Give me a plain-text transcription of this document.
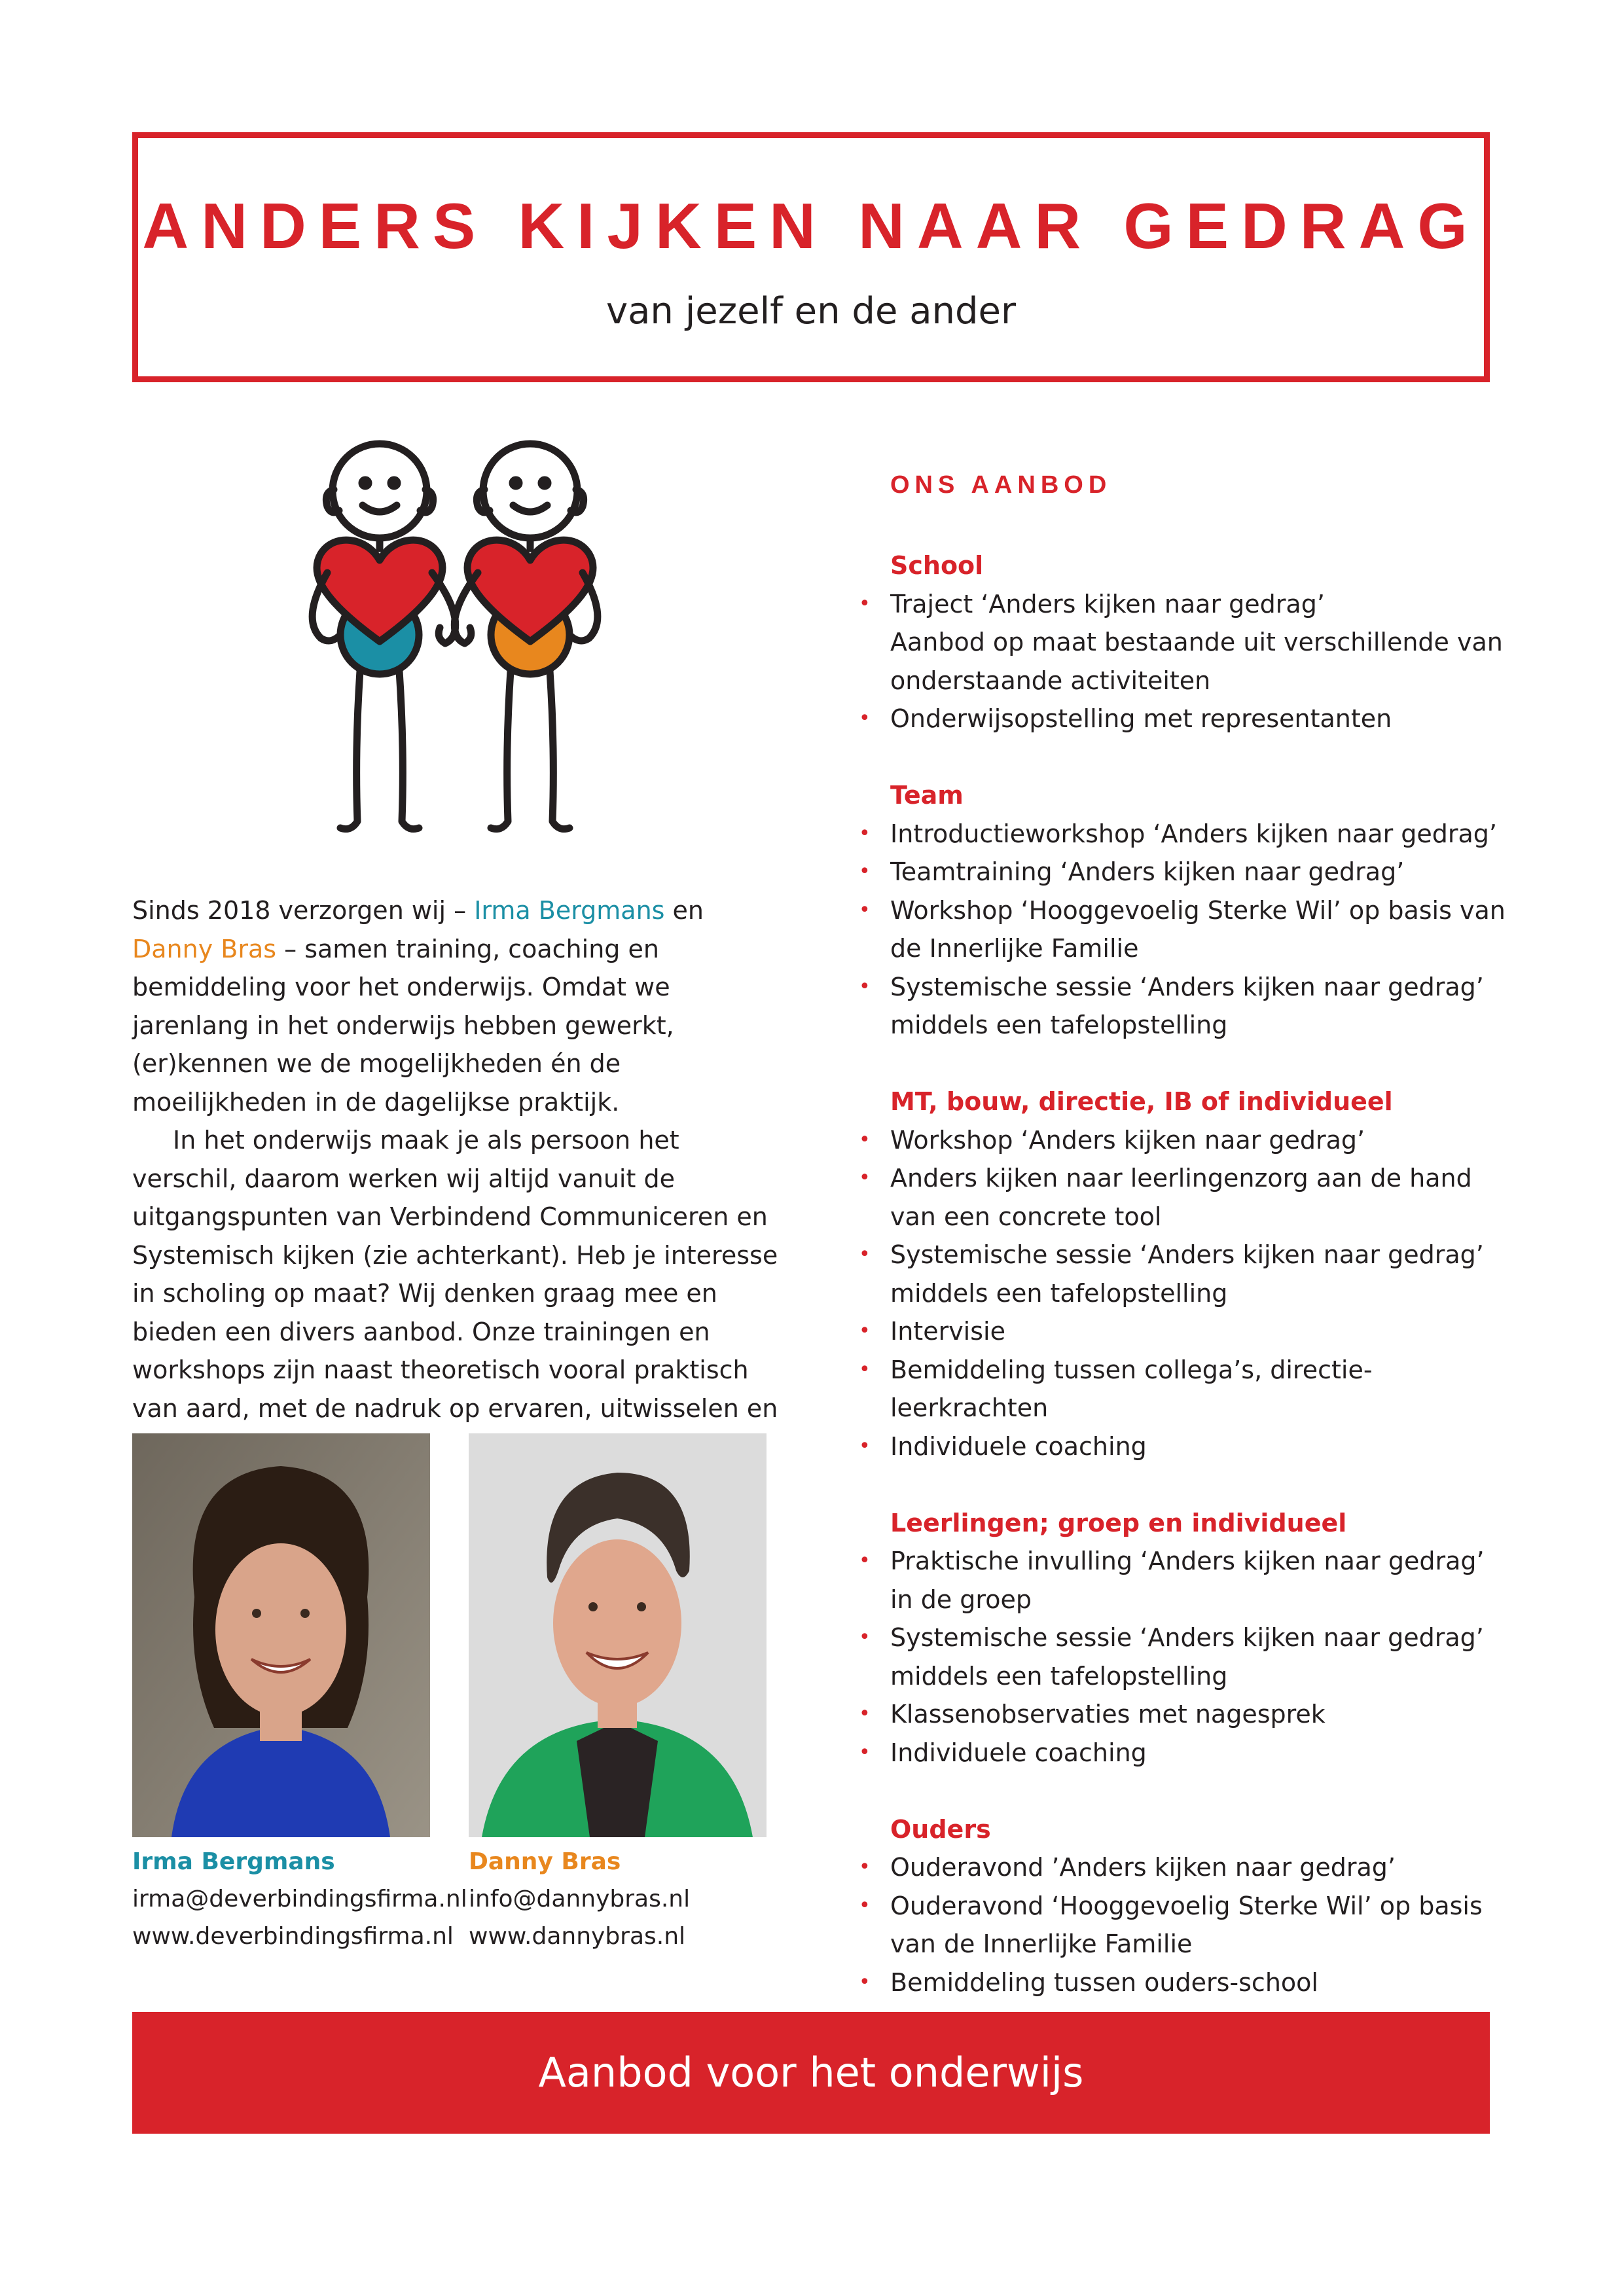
ANDERS KIJKEN NAAR GEDRAG
van jezelf en de ander

Sinds 2018 verzorgen wij – Irma Bergmans en Danny Bras – samen training, coaching en bemiddeling voor het onderwijs. Omdat we jarenlang in het onderwijs hebben gewerkt, (er)kennen we de mogelijkheden én de moeilijkheden in de dagelijkse praktijk.

In het onderwijs maak je als persoon het verschil, daarom werken wij altijd vanuit de uitgangspunten van Verbindend Communiceren en Systemisch kijken (zie achterkant). Heb je interesse in scholing op maat? Wij denken graag mee en bieden een divers aanbod. Onze trainingen en workshops zijn naast theoretisch vooral praktisch van aard, met de nadruk op ervaren, uitwisselen en

Irma Bergmans
irma@deverbindingsfirma.nl
www.deverbindingsfirma.nl
Danny Bras
info@dannybras.nl
www.dannybras.nl
ONS AANBOD
School
• Traject ‘Anders kijken naar gedrag’
Aanbod op maat bestaande uit verschillende van onderstaande activiteiten
• Onderwijsopstelling met representanten
Team
• Introductieworkshop ‘Anders kijken naar gedrag’
• Teamtraining ‘Anders kijken naar gedrag’
• Workshop ‘Hooggevoelig Sterke Wil’ op basis van de Innerlijke Familie
• Systemische sessie ‘Anders kijken naar gedrag’ middels een tafelopstelling
MT, bouw, directie, IB of individueel
• Workshop ‘Anders kijken naar gedrag’
• Anders kijken naar leerlingenzorg aan de hand van een concrete tool
• Systemische sessie ‘Anders kijken naar gedrag’ middels een tafelopstelling
• Intervisie
• Bemiddeling tussen collega’s, directie-leerkrachten
• Individuele coaching
Leerlingen; groep en individueel
• Praktische invulling ‘Anders kijken naar gedrag’ in de groep
• Systemische sessie ‘Anders kijken naar gedrag’ middels een tafelopstelling
• Klassenobservaties met nagesprek
• Individuele coaching
Ouders
• Ouderavond ’Anders kijken naar gedrag’
• Ouderavond ‘Hooggevoelig Sterke Wil’ op basis van de Innerlijke Familie
• Bemiddeling tussen ouders-school
Aanbod voor het onderwijs
